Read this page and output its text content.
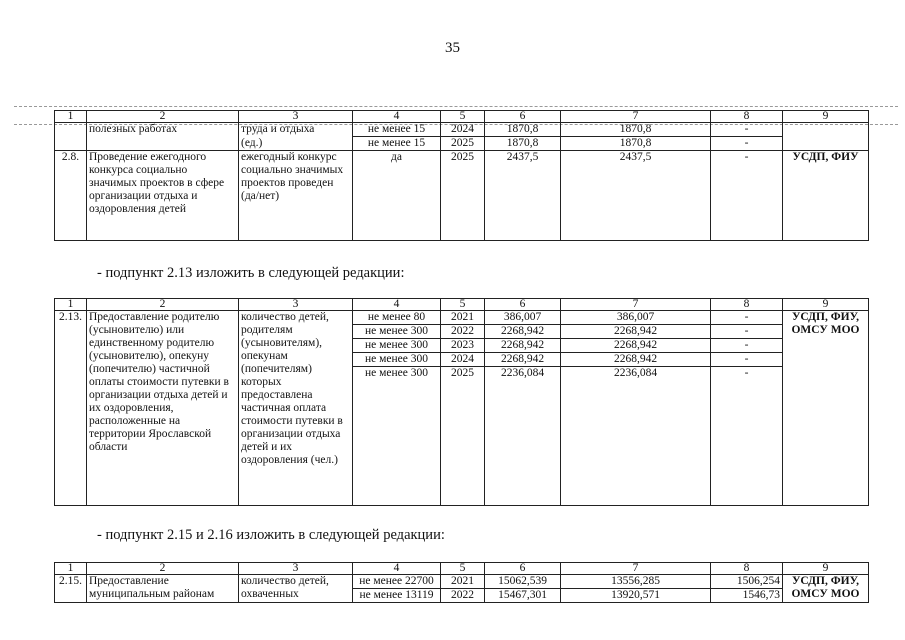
35
1	2	3	4	5	6	7	8	9
	полезных работах	труда и отдыха	не менее 15	2024	1870,8	1870,8	-	
		(ед.)	не менее 15	2025	1870,8	1870,8	-	
2.8.	Проведение ежегодного конкурса социально значимых проектов в сфере организации отдыха и оздоровления детей	ежегодный конкурс социально значимых проектов проведен (да/нет)	да	2025	2437,5	2437,5	-	УСДП, ФИУ
- подпункт 2.13 изложить в следующей редакции:
1	2	3	4	5	6	7	8	9
2.13.	Предоставление родителю (усыновителю) или единственному родителю (усыновителю), опекуну (попечителю) частичной оплаты стоимости путевки в организации отдыха детей и их оздоровления, расположенные на территории Ярославской области	количество детей, родителям (усыновителям), опекунам (попечителям) которых предоставлена частичная оплата стоимости путевки в организации отдыха детей и их оздоровления (чел.)	не менее 80	2021	386,007	386,007	-	УСДП, ФИУ, ОМСУ МОО
			не менее 300	2022	2268,942	2268,942	-	
			не менее 300	2023	2268,942	2268,942	-	
			не менее 300	2024	2268,942	2268,942	-	
			не менее 300	2025	2236,084	2236,084	-	
- подпункт 2.15 и 2.16 изложить в следующей редакции:
1	2	3	4	5	6	7	8	9
2.15.	Предоставление муниципальным районам	количество детей, охваченных	не менее 22700	2021	15062,539	13556,285	1506,254	УСДП, ФИУ, ОМСУ МОО
			не менее 13119	2022	15467,301	13920,571	1546,73	
